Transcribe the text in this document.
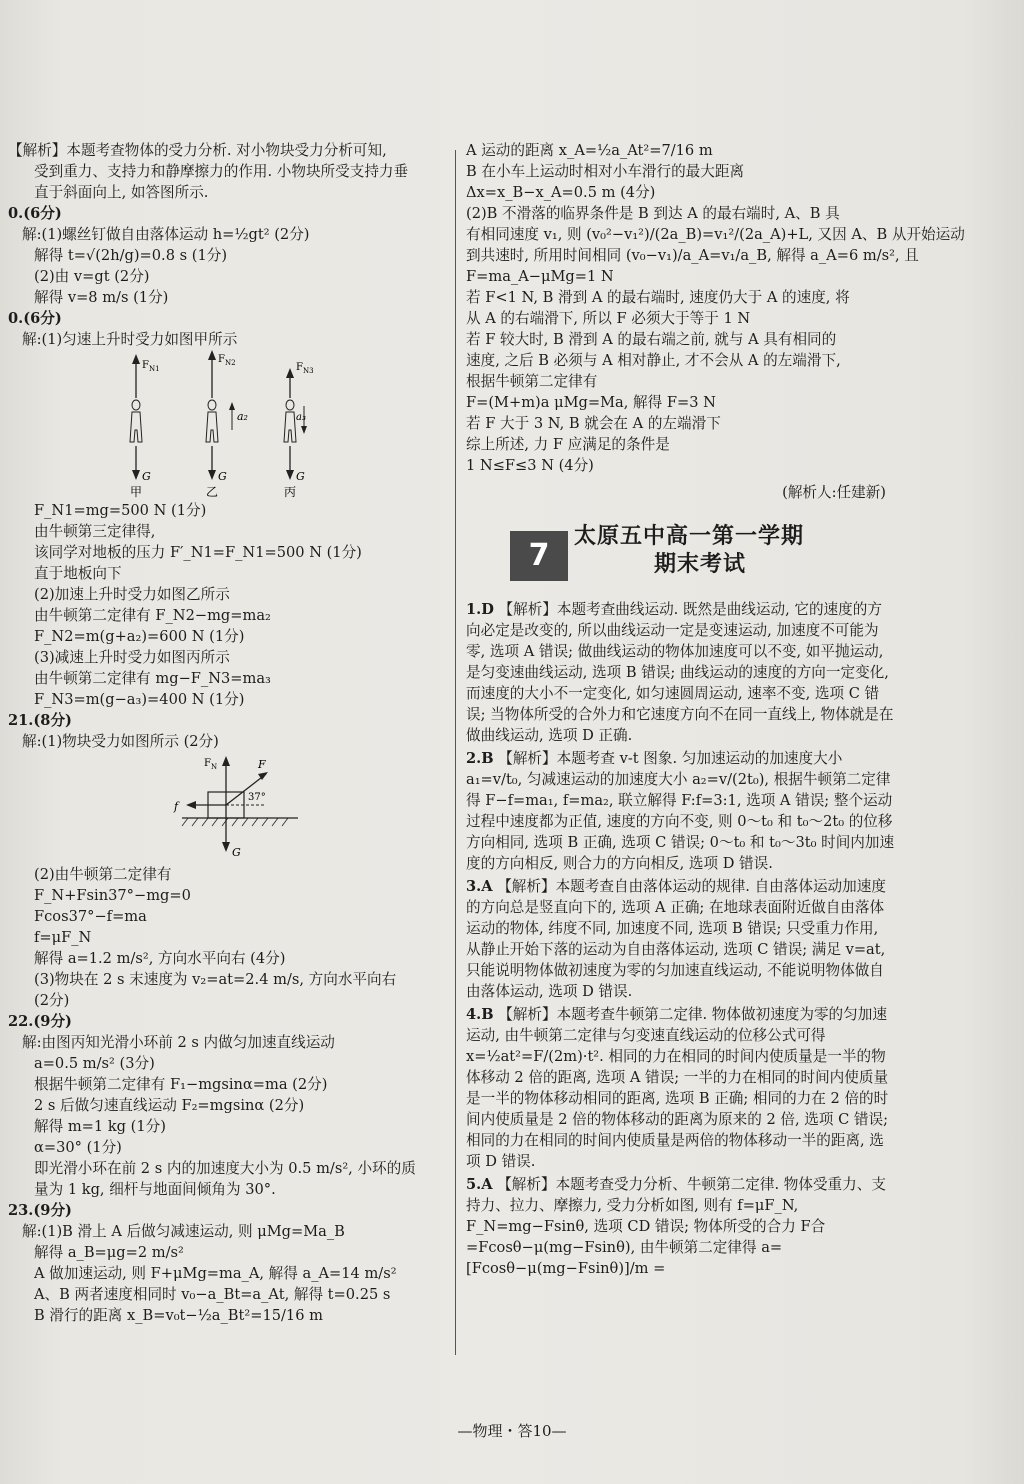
【解析】本题考查物体的受力分析. 对小物块受力分析可知,
受到重力、支持力和静摩擦力的作用. 小物块所受支持力垂
直于斜面向上, 如答图所示.
0.(6分)
解:(1)螺丝钉做自由落体运动 h=½gt² (2分)
解得 t=√(2h/g)=0.8 s (1分)
(2)由 v=gt (2分)
解得 v=8 m/s (1分)
0.(6分)
解:(1)匀速上升时受力如图甲所示
$F_{N1}$
G
甲
$F_{N2}$
a₂
G
乙
$F_{N3}$
a₃
G
丙
F_N1=mg=500 N (1分)
由牛顿第三定律得,
该同学对地板的压力 F′_N1=F_N1=500 N (1分)
直于地板向下
(2)加速上升时受力如图乙所示
由牛顿第二定律有 F_N2−mg=ma₂
F_N2=m(g+a₂)=600 N (1分)
(3)减速上升时受力如图丙所示
由牛顿第二定律有 mg−F_N3=ma₃
F_N3=m(g−a₃)=400 N (1分)
21.(8分)
解:(1)物块受力如图所示 (2分)
$F_N$	F
37°
f
G
(2)由牛顿第二定律有
F_N+Fsin37°−mg=0
Fcos37°−f=ma
f=μF_N
解得 a=1.2 m/s², 方向水平向右 (4分)
(3)物块在 2 s 末速度为 v₂=at=2.4 m/s, 方向水平向右
(2分)
22.(9分)
解:由图丙知光滑小环前 2 s 内做匀加速直线运动
a=0.5 m/s² (3分)
根据牛顿第二定律有 F₁−mgsinα=ma (2分)
2 s 后做匀速直线运动 F₂=mgsinα (2分)
解得 m=1 kg (1分)
α=30° (1分)
即光滑小环在前 2 s 内的加速度大小为 0.5 m/s², 小环的质
量为 1 kg, 细杆与地面间倾角为 30°.
23.(9分)
解:(1)B 滑上 A 后做匀减速运动, 则 μMg=Ma_B
解得 a_B=μg=2 m/s²
A 做加速运动, 则 F+μMg=ma_A, 解得 a_A=14 m/s²
A、B 两者速度相同时 v₀−a_Bt=a_At, 解得 t=0.25 s
B 滑行的距离 x_B=v₀t−½a_Bt²=15/16 m
A 运动的距离 x_A=½a_At²=7/16 m
B 在小车上运动时相对小车滑行的最大距离
Δx=x_B−x_A=0.5 m (4分)
(2)B 不滑落的临界条件是 B 到达 A 的最右端时, A、B 具
有相同速度 v₁, 则 (v₀²−v₁²)/(2a_B)=v₁²/(2a_A)+L, 又因 A、B 从开始运动
到共速时, 所用时间相同 (v₀−v₁)/a_A=v₁/a_B, 解得 a_A=6 m/s², 且
F=ma_A−μMg=1 N
若 F<1 N, B 滑到 A 的最右端时, 速度仍大于 A 的速度, 将
从 A 的右端滑下, 所以 F 必须大于等于 1 N
若 F 较大时, B 滑到 A 的最右端之前, 就与 A 具有相同的
速度, 之后 B 必须与 A 相对静止, 才不会从 A 的左端滑下,
根据牛顿第二定律有
F=(M+m)a μMg=Ma, 解得 F=3 N
若 F 大于 3 N, B 就会在 A 的左端滑下
综上所述, 力 F 应满足的条件是
1 N≤F≤3 N (4分)
(解析人:任建新)
7
太原五中高一第一学期
期末考试
1.D 【解析】本题考查曲线运动. 既然是曲线运动, 它的速度的方向必定是改变的, 所以曲线运动一定是变速运动, 加速度不可能为零, 选项 A 错误; 做曲线运动的物体加速度可以不变, 如平抛运动, 是匀变速曲线运动, 选项 B 错误; 曲线运动的速度的方向一定变化, 而速度的大小不一定变化, 如匀速圆周运动, 速率不变, 选项 C 错误; 当物体所受的合外力和它速度方向不在同一直线上, 物体就是在做曲线运动, 选项 D 正确.
2.B 【解析】本题考查 v-t 图象. 匀加速运动的加速度大小 a₁=v/t₀, 匀减速运动的加速度大小 a₂=v/(2t₀), 根据牛顿第二定律得 F−f=ma₁, f=ma₂, 联立解得 F:f=3:1, 选项 A 错误; 整个运动过程中速度都为正值, 速度的方向不变, 则 0～t₀ 和 t₀～2t₀ 的位移方向相同, 选项 B 正确, 选项 C 错误; 0～t₀ 和 t₀～3t₀ 时间内加速度的方向相反, 则合力的方向相反, 选项 D 错误.
3.A 【解析】本题考查自由落体运动的规律. 自由落体运动加速度的方向总是竖直向下的, 选项 A 正确; 在地球表面附近做自由落体运动的物体, 纬度不同, 加速度不同, 选项 B 错误; 只受重力作用, 从静止开始下落的运动为自由落体运动, 选项 C 错误; 满足 v=at, 只能说明物体做初速度为零的匀加速直线运动, 不能说明物体做自由落体运动, 选项 D 错误.
4.B 【解析】本题考查牛顿第二定律. 物体做初速度为零的匀加速运动, 由牛顿第二定律与匀变速直线运动的位移公式可得 x=½at²=F/(2m)·t². 相同的力在相同的时间内使质量是一半的物体移动 2 倍的距离, 选项 A 错误; 一半的力在相同的时间内使质量是一半的物体移动相同的距离, 选项 B 正确; 相同的力在 2 倍的时间内使质量是 2 倍的物体移动的距离为原来的 2 倍, 选项 C 错误; 相同的力在相同的时间内使质量是两倍的物体移动一半的距离, 选项 D 错误.
5.A 【解析】本题考查受力分析、牛顿第二定律. 物体受重力、支持力、拉力、摩擦力, 受力分析如图, 则有 f=μF_N, F_N=mg−Fsinθ, 选项 CD 错误; 物体所受的合力 F合=Fcosθ−μ(mg−Fsinθ), 由牛顿第二定律得 a=[Fcosθ−μ(mg−Fsinθ)]/m =
—物理・答10—
